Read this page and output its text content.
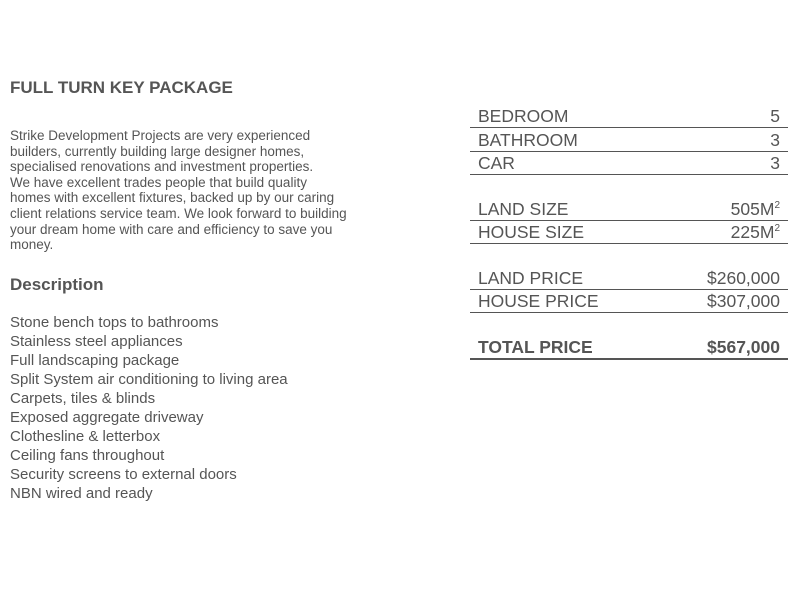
FULL TURN KEY PACKAGE

Strike Development Projects are very experienced
builders, currently building large designer homes,
specialised renovations and investment properties.
We have excellent trades people that build quality
homes with excellent fixtures, backed up by our caring
client relations service team. We look forward to building
your dream home with care and efficiency to save you
money.

Description
Stone bench tops to bathrooms
Stainless steel appliances
Full landscaping package
Split System air conditioning to living area
Carpets, tiles & blinds
Exposed aggregate driveway
Clothesline & letterbox
Ceiling fans throughout
Security screens to external doors
NBN wired and ready
BEDROOM	5
BATHROOM	3
CAR	3
LAND SIZE	$505M^2$
HOUSE SIZE	$225M^2$
LAND PRICE	$260,000
HOUSE PRICE	$307,000
TOTAL PRICE	$567,000
